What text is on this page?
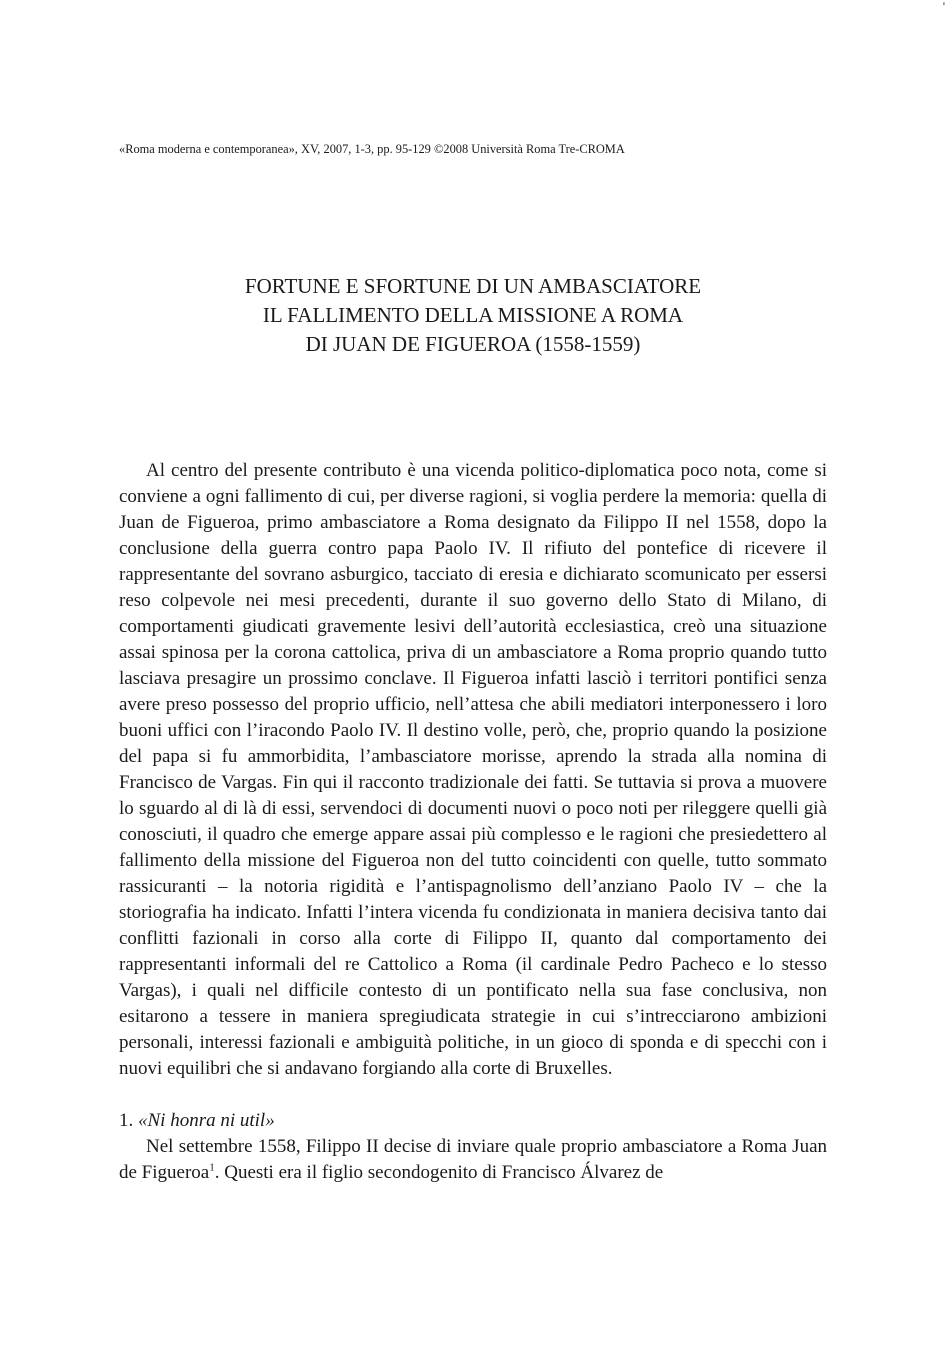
'
«Roma moderna e contemporanea», XV, 2007, 1-3, pp. 95-129 ©2008 Università Roma Tre-CROMA
FORTUNE E SFORTUNE DI UN AMBASCIATORE
IL FALLIMENTO DELLA MISSIONE A ROMA
DI JUAN DE FIGUEROA (1558-1559)

Al centro del presente contributo è una vicenda politico-diplomatica poco nota, come si conviene a ogni fallimento di cui, per diverse ragioni, si voglia perdere la memoria: quella di Juan de Figueroa, primo ambasciatore a Roma designato da Filippo II nel 1558, dopo la conclusione della guerra contro papa Paolo IV. Il rifiuto del pontefice di ricevere il rappresentante del sovrano asburgico, tacciato di eresia e dichiarato scomunicato per essersi reso colpevole nei mesi precedenti, durante il suo governo dello Stato di Milano, di comportamenti giudicati gravemente lesivi dell’autorità ecclesiastica, creò una situazione assai spinosa per la corona cattolica, priva di un ambasciatore a Roma proprio quando tutto lasciava presagire un prossimo conclave. Il Figueroa infatti lasciò i territori pontifici senza avere preso possesso del proprio ufficio, nell’attesa che abili mediatori interponessero i loro buoni uffici con l’iracondo Paolo IV. Il destino volle, però, che, proprio quando la posizione del papa si fu ammorbidita, l’ambasciatore morisse, aprendo la strada alla nomina di Francisco de Vargas. Fin qui il racconto tradizionale dei fatti. Se tuttavia si prova a muovere lo sguardo al di là di essi, servendoci di documenti nuovi o poco noti per rileggere quelli già conosciuti, il quadro che emerge appare assai più complesso e le ragioni che presiedettero al fallimento della missione del Figueroa non del tutto coincidenti con quelle, tutto sommato rassicuranti – la notoria rigidità e l’antispagnolismo dell’anziano Paolo IV – che la storiografia ha indicato. Infatti l’intera vicenda fu condizionata in maniera decisiva tanto dai conflitti fazionali in corso alla corte di Filippo II, quanto dal comportamento dei rappresentanti informali del re Cattolico a Roma (il cardinale Pedro Pacheco e lo stesso Vargas), i quali nel difficile contesto di un pontificato nella sua fase conclusiva, non esitarono a tessere in maniera spregiudicata strategie in cui s’intrecciarono ambizioni personali, interessi fazionali e ambiguità politiche, in un gioco di sponda e di specchi con i nuovi equilibri che si andavano forgiando alla corte di Bruxelles.

1. «Ni honra ni util»

Nel settembre 1558, Filippo II decise di inviare quale proprio ambasciatore a Roma Juan de Figueroa$^1$. Questi era il figlio secondogenito di Francisco Álvarez de
